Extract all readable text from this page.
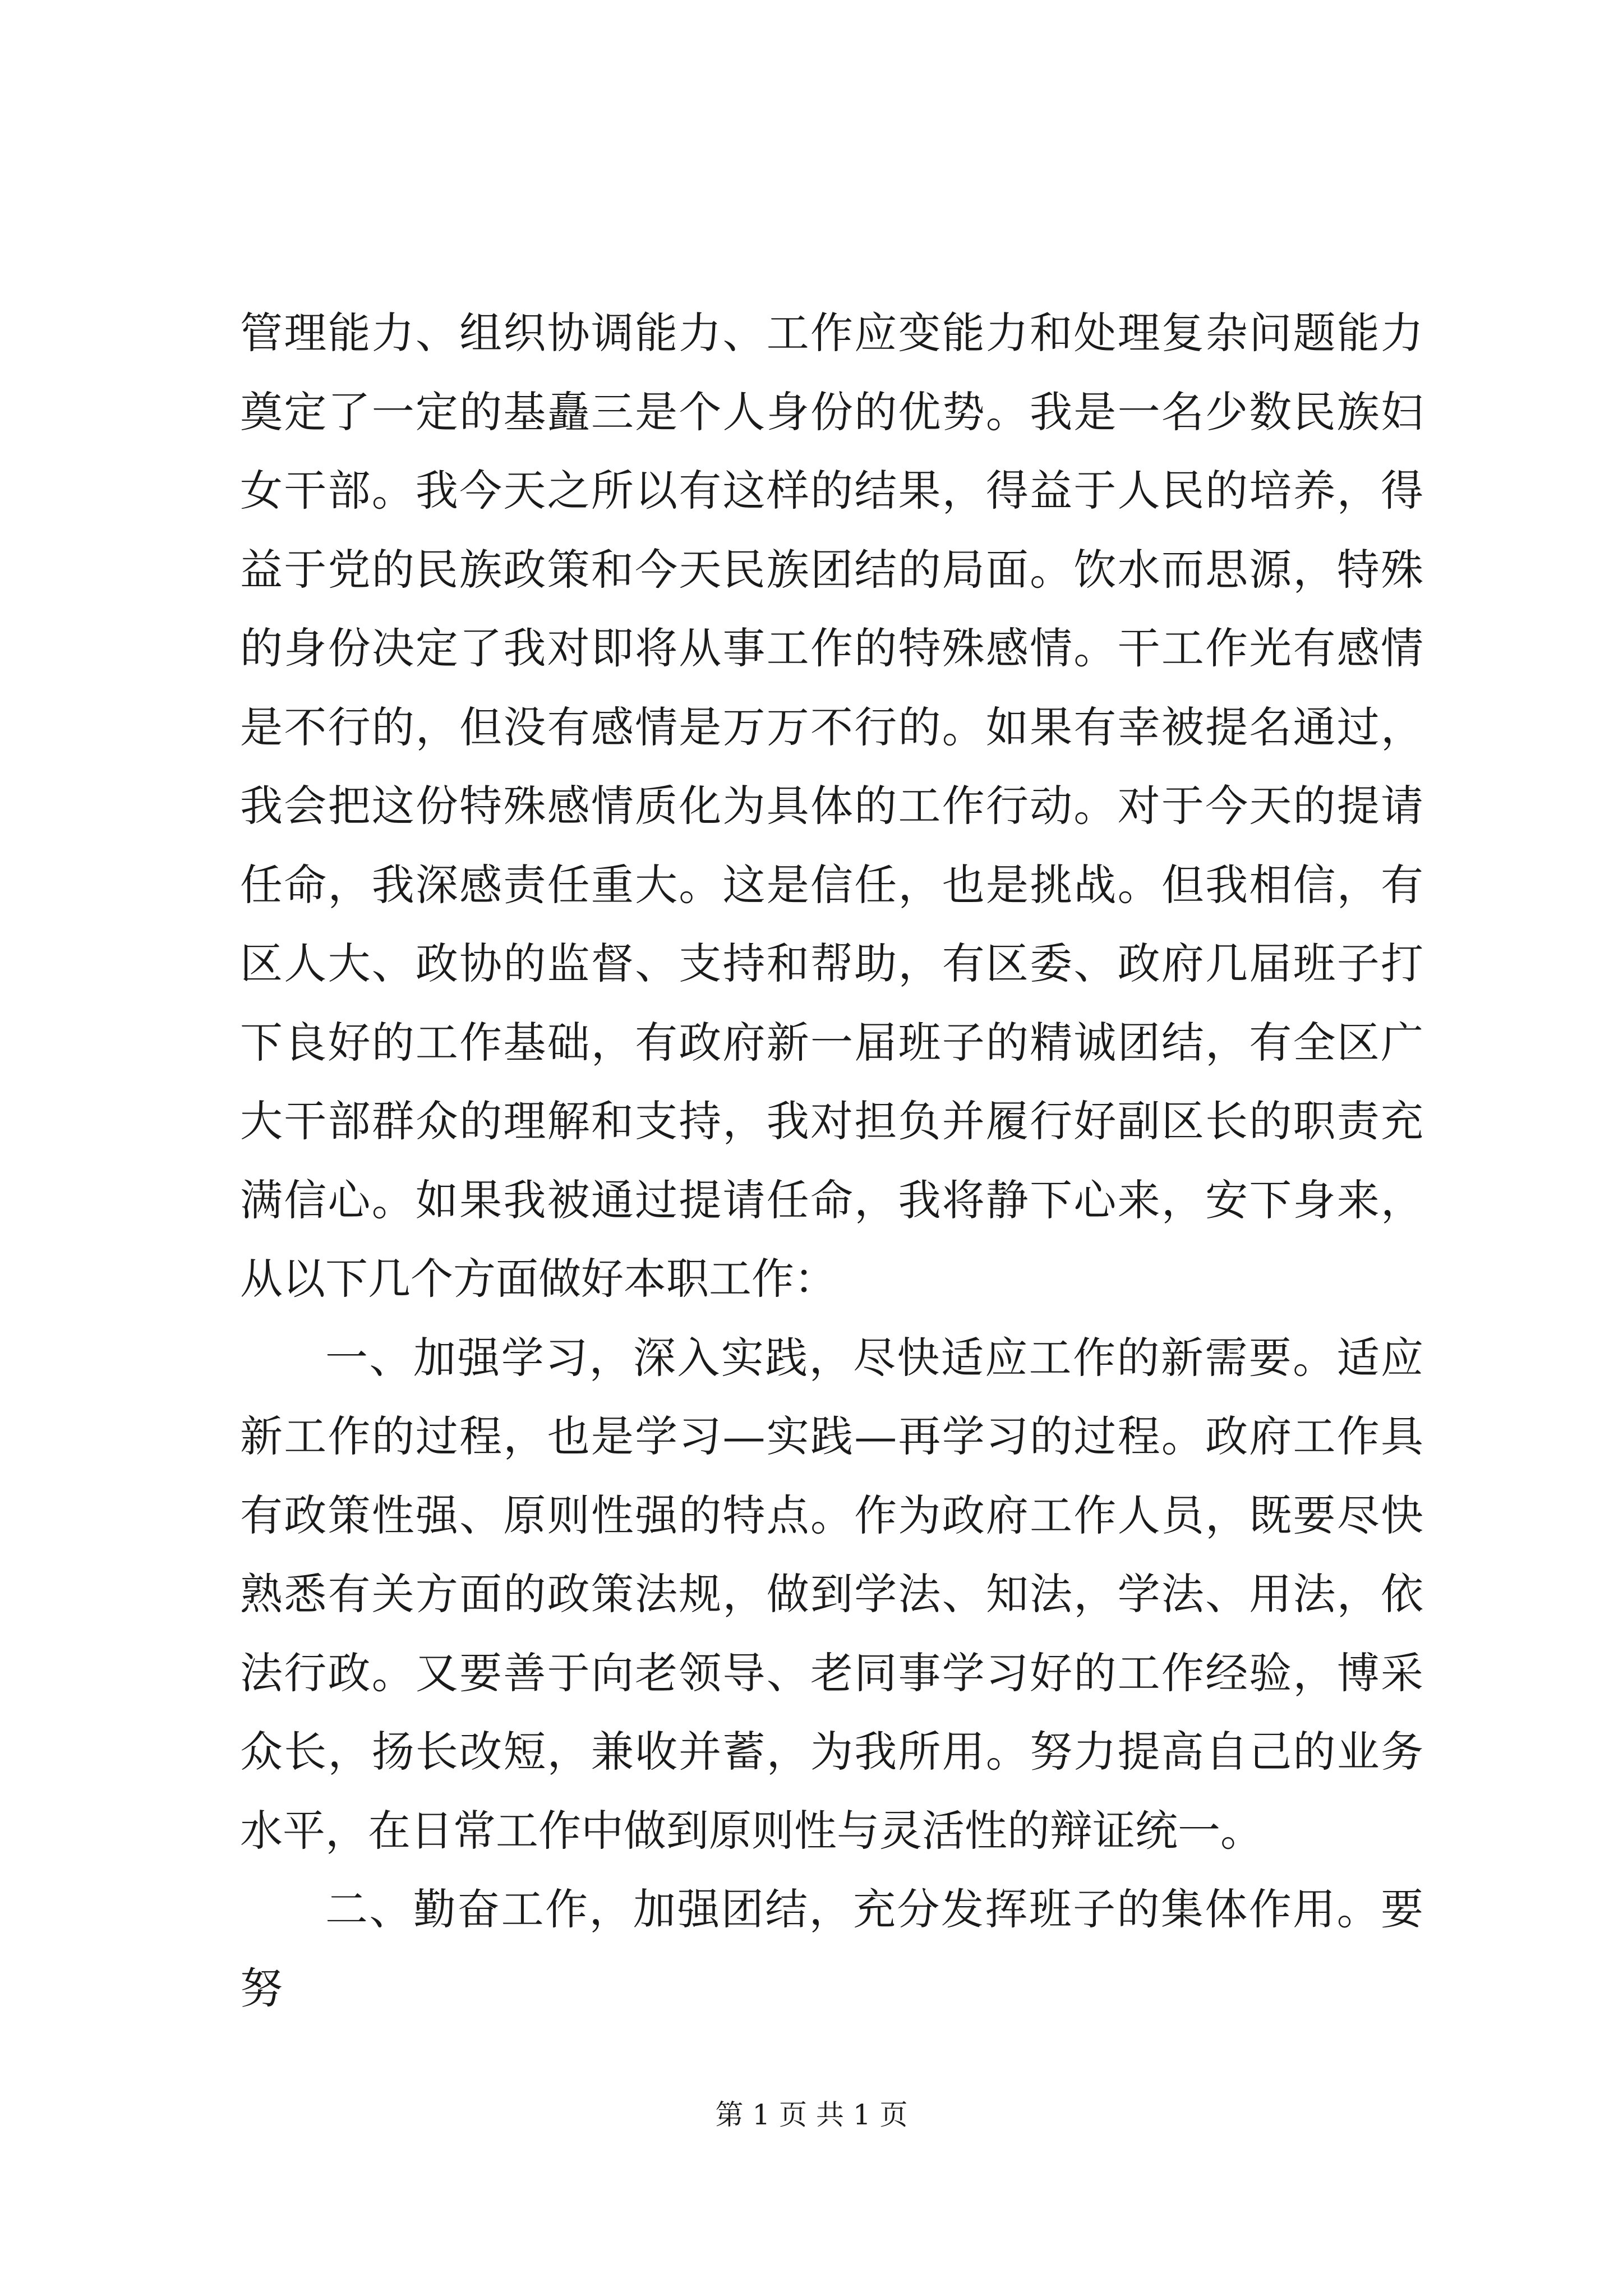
管理能力、组织协调能力、工作应变能力和处理复杂问题能力奠定了一定的基矗三是个人身份的优势。我是一名少数民族妇女干部。我今天之所以有这样的结果，得益于人民的培养，得益于党的民族政策和今天民族团结的局面。饮水而思源，特殊的身份决定了我对即将从事工作的特殊感情。干工作光有感情是不行的，但没有感情是万万不行的。如果有幸被提名通过，我会把这份特殊感情质化为具体的工作行动。对于今天的提请任命，我深感责任重大。这是信任，也是挑战。但我相信，有区人大、政协的监督、支持和帮助，有区委、政府几届班子打下良好的工作基础，有政府新一届班子的精诚团结，有全区广大干部群众的理解和支持，我对担负并履行好副区长的职责充满信心。如果我被通过提请任命，我将静下心来，安下身来，从以下几个方面做好本职工作：

一、加强学习，深入实践，尽快适应工作的新需要。适应新工作的过程，也是学习—实践—再学习的过程。政府工作具有政策性强、原则性强的特点。作为政府工作人员，既要尽快熟悉有关方面的政策法规，做到学法、知法，学法、用法，依法行政。又要善于向老领导、老同事学习好的工作经验，博采众长，扬长改短，兼收并蓄，为我所用。努力提高自己的业务水平，在日常工作中做到原则性与灵活性的辩证统一。

二、勤奋工作，加强团结，充分发挥班子的集体作用。要努

第 1 页 共 1 页
